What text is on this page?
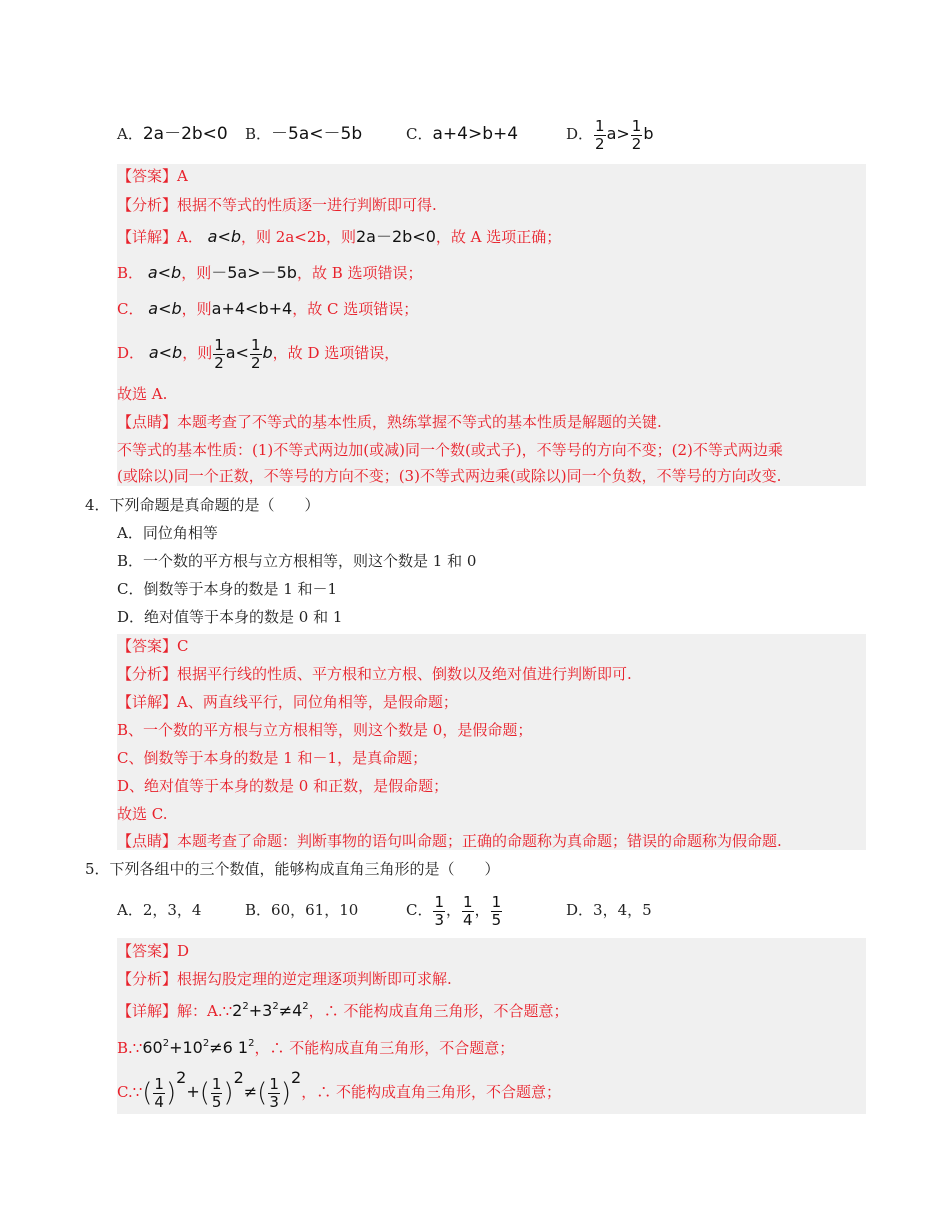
A．2a－2b<0 B．－5a<－5b	C．a+4>b+4	D． $\frac{1}{2} a> \frac{1}{2}$ b
【答案】A
【分析】根据不等式的性质逐一进行判断即可得.
【详解】A． a<b，则 2a<2b，则2a－2b<0，故 A 选项正确；
B． a<b，则－5a>－5b，故 B 选项错误；
C． a<b，则a+4<b+4，故 C 选项错误；
D． a<b，则 $\frac{1}{2} a< \frac{1}{2}$ b，故 D 选项错误，
故选 A.
【点睛】本题考查了不等式的基本性质，熟练掌握不等式的基本性质是解题的关键.
不等式的基本性质：(1)不等式两边加(或减)同一个数(或式子)，不等号的方向不变；(2)不等式两边乘
(或除以)同一个正数，不等号的方向不变；(3)不等式两边乘(或除以)同一个负数，不等号的方向改变.
4．下列命题是真命题的是（　　）
A．同位角相等
B．一个数的平方根与立方根相等，则这个数是 1 和 0
C．倒数等于本身的数是 1 和－1
D．绝对值等于本身的数是 0 和 1
【答案】C
【分析】根据平行线的性质、平方根和立方根、倒数以及绝对值进行判断即可.
【详解】A、两直线平行，同位角相等，是假命题；
B、一个数的平方根与立方根相等，则这个数是 0，是假命题；
C、倒数等于本身的数是 1 和－1，是真命题；
D、绝对值等于本身的数是 0 和正数，是假命题；
故选 C.
【点睛】本题考查了命题：判断事物的语句叫命题；正确的命题称为真命题；错误的命题称为假命题.
5．下列各组中的三个数值，能够构成直角三角形的是（　　）
A．2，3，4	B．60，61，10	C． $\frac{1}{3}$ ， $\frac{1}{4}$ ， $\frac{1}{5}$	D．3，4，5
【答案】D
【分析】根据勾股定理的逆定理逐项判断即可求解.
【详解】解：$A.\because 2^2+3^2\ne 4^2$，∴ 不能构成直角三角形，不合题意；
$B.\because 60^2+10^2\ne 6$ $1^2$，∴ 不能构成直角三角形，不合题意；
C.∵( $\frac{1}{4} )^2+( \frac{1}{5} )^2\ne( \frac{1}{3} )^2$，∴ 不能构成直角三角形，不合题意；
